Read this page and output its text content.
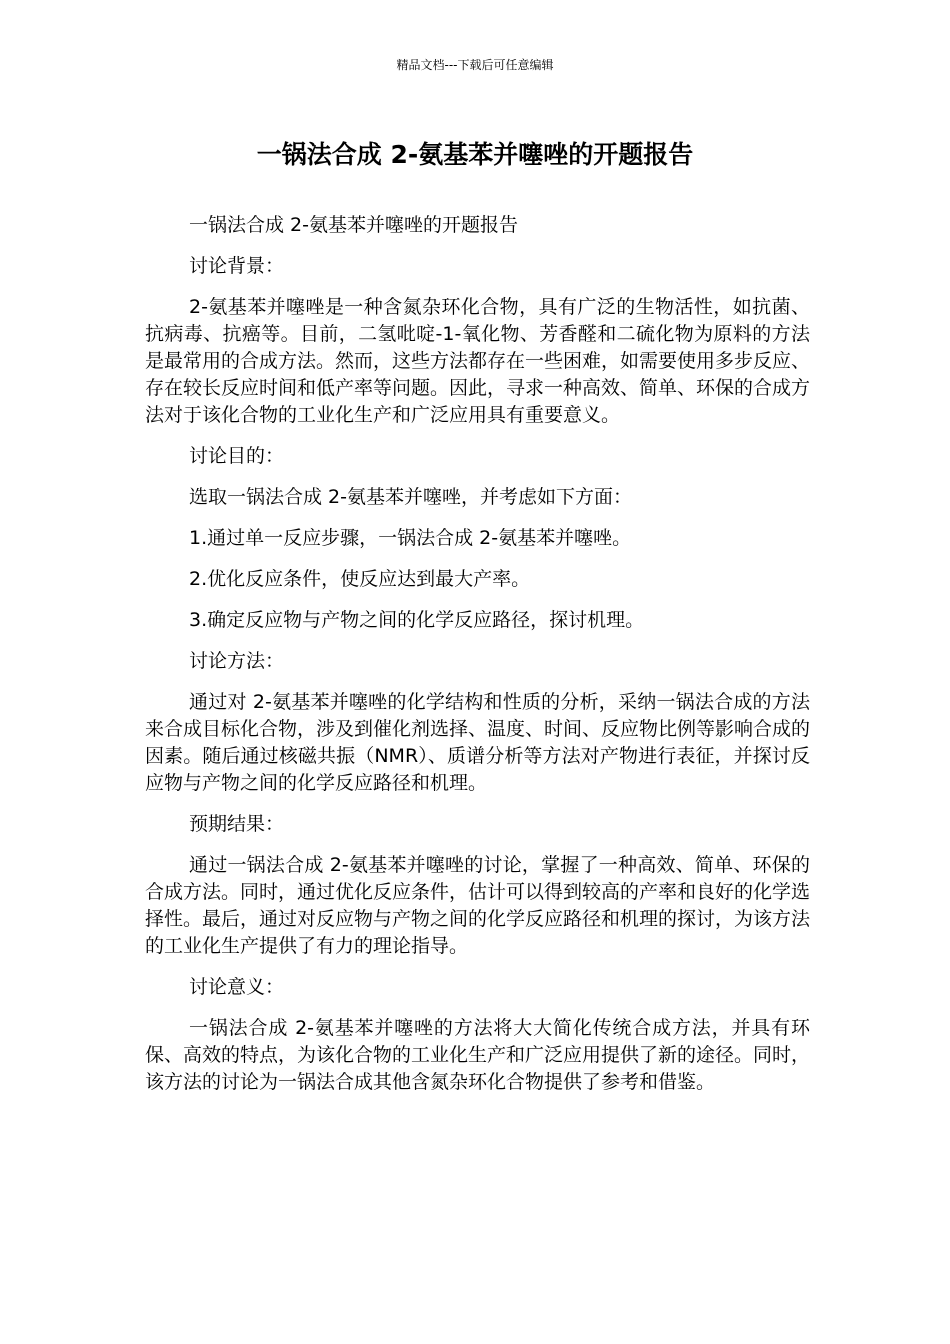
精品文档---下载后可任意编辑
一锅法合成 2-氨基苯并噻唑的开题报告

一锅法合成 2-氨基苯并噻唑的开题报告

讨论背景：

2-氨基苯并噻唑是一种含氮杂环化合物，具有广泛的生物活性，如抗菌、抗病毒、抗癌等。目前，二氢吡啶-1-氧化物、芳香醛和二硫化物为原料的方法是最常用的合成方法。然而，这些方法都存在一些困难，如需要使用多步反应、存在较长反应时间和低产率等问题。因此，寻求一种高效、简单、环保的合成方法对于该化合物的工业化生产和广泛应用具有重要意义。

讨论目的：

选取一锅法合成 2-氨基苯并噻唑，并考虑如下方面：

1.通过单一反应步骤，一锅法合成 2-氨基苯并噻唑。

2.优化反应条件，使反应达到最大产率。

3.确定反应物与产物之间的化学反应路径，探讨机理。

讨论方法：

通过对 2-氨基苯并噻唑的化学结构和性质的分析，采纳一锅法合成的方法来合成目标化合物，涉及到催化剂选择、温度、时间、反应物比例等影响合成的因素。随后通过核磁共振（NMR）、质谱分析等方法对产物进行表征，并探讨反应物与产物之间的化学反应路径和机理。

预期结果：

通过一锅法合成 2-氨基苯并噻唑的讨论，掌握了一种高效、简单、环保的合成方法。同时，通过优化反应条件，估计可以得到较高的产率和良好的化学选择性。最后，通过对反应物与产物之间的化学反应路径和机理的探讨，为该方法的工业化生产提供了有力的理论指导。

讨论意义：

一锅法合成 2-氨基苯并噻唑的方法将大大简化传统合成方法，并具有环保、高效的特点，为该化合物的工业化生产和广泛应用提供了新的途径。同时，该方法的讨论为一锅法合成其他含氮杂环化合物提供了参考和借鉴。
